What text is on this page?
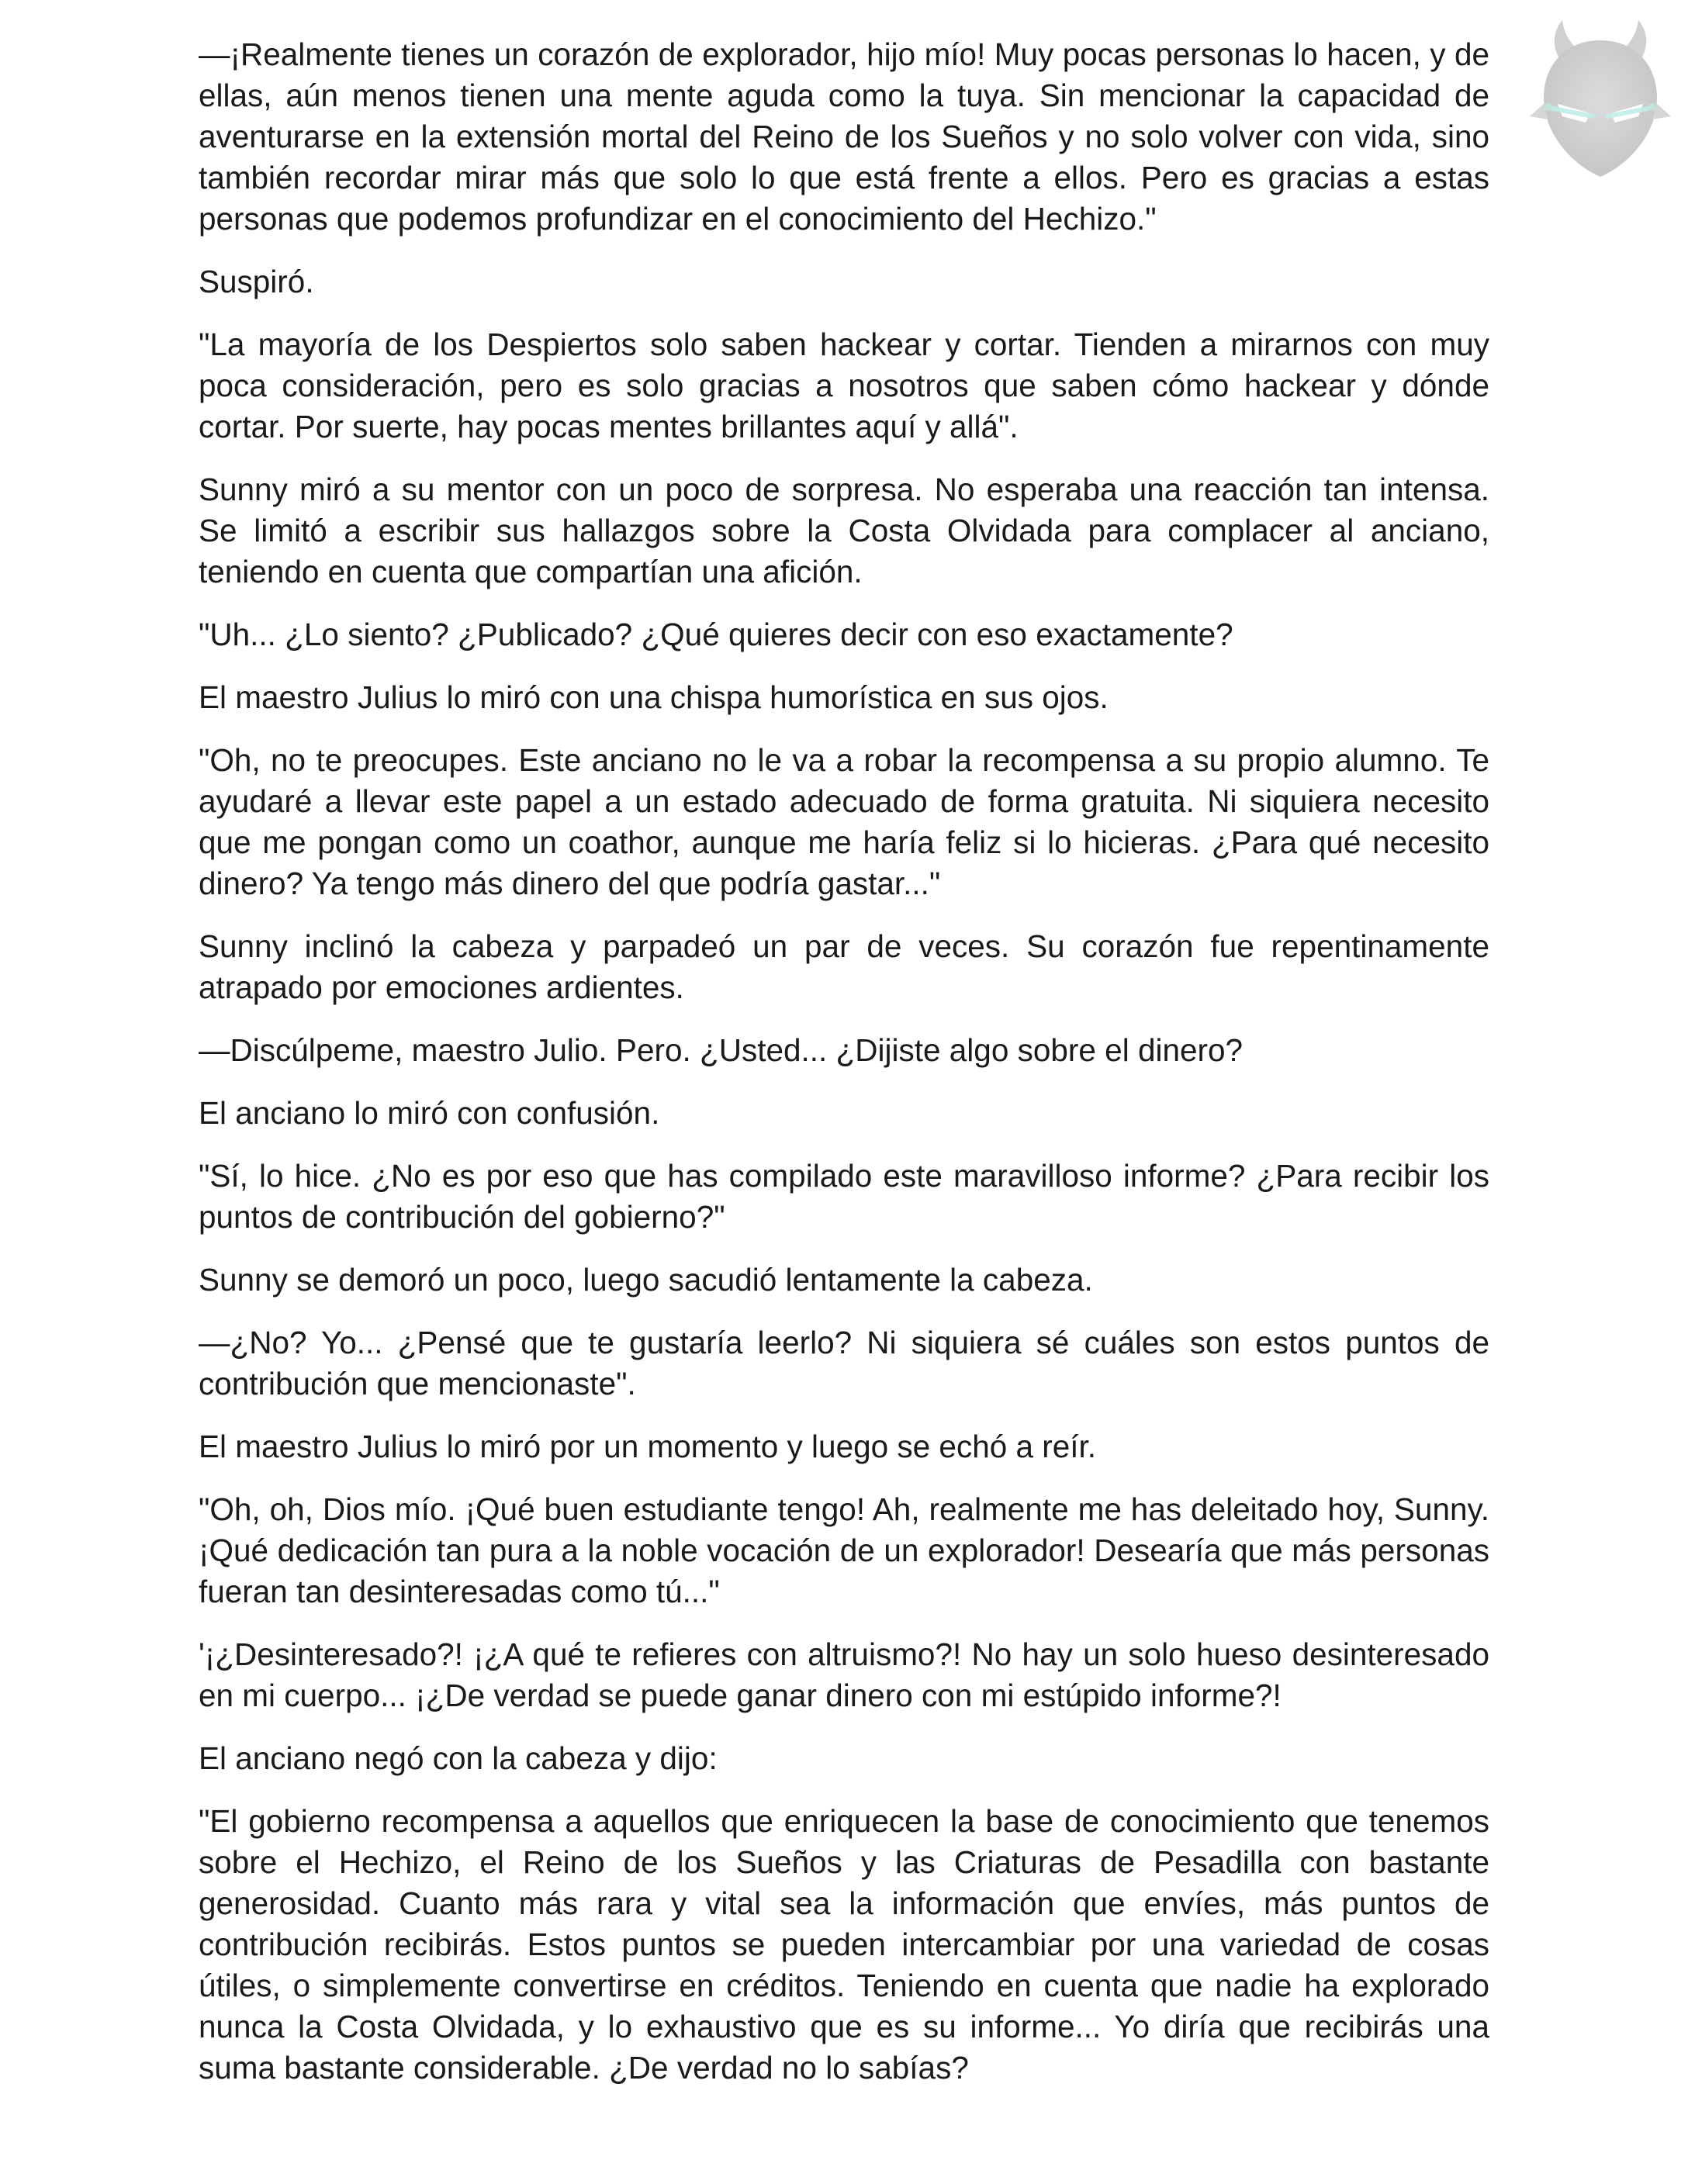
—¡Realmente tienes un corazón de explorador, hijo mío! Muy pocas personas lo hacen, y de ellas, aún menos tienen una mente aguda como la tuya. Sin mencionar la capacidad de aventurarse en la extensión mortal del Reino de los Sueños y no solo volver con vida, sino también recordar mirar más que solo lo que está frente a ellos. Pero es gracias a estas personas que podemos profundizar en el conocimiento del Hechizo."

Suspiró.

"La mayoría de los Despiertos solo saben hackear y cortar. Tienden a mirarnos con muy poca consideración, pero es solo gracias a nosotros que saben cómo hackear y dónde cortar. Por suerte, hay pocas mentes brillantes aquí y allá".

Sunny miró a su mentor con un poco de sorpresa. No esperaba una reacción tan intensa. Se limitó a escribir sus hallazgos sobre la Costa Olvidada para complacer al anciano, teniendo en cuenta que compartían una afición.

"Uh... ¿Lo siento? ¿Publicado? ¿Qué quieres decir con eso exactamente?

El maestro Julius lo miró con una chispa humorística en sus ojos.

"Oh, no te preocupes. Este anciano no le va a robar la recompensa a su propio alumno. Te ayudaré a llevar este papel a un estado adecuado de forma gratuita. Ni siquiera necesito que me pongan como un coathor, aunque me haría feliz si lo hicieras. ¿Para qué necesito dinero? Ya tengo más dinero del que podría gastar..."

Sunny inclinó la cabeza y parpadeó un par de veces. Su corazón fue repentinamente atrapado por emociones ardientes.

—Discúlpeme, maestro Julio. Pero. ¿Usted... ¿Dijiste algo sobre el dinero?

El anciano lo miró con confusión.

"Sí, lo hice. ¿No es por eso que has compilado este maravilloso informe? ¿Para recibir los puntos de contribución del gobierno?"

Sunny se demoró un poco, luego sacudió lentamente la cabeza.

—¿No? Yo... ¿Pensé que te gustaría leerlo? Ni siquiera sé cuáles son estos puntos de contribución que mencionaste".

El maestro Julius lo miró por un momento y luego se echó a reír.

"Oh, oh, Dios mío. ¡Qué buen estudiante tengo! Ah, realmente me has deleitado hoy, Sunny. ¡Qué dedicación tan pura a la noble vocación de un explorador! Desearía que más personas fueran tan desinteresadas como tú..."

'¡¿Desinteresado?! ¡¿A qué te refieres con altruismo?! No hay un solo hueso desinteresado en mi cuerpo... ¡¿De verdad se puede ganar dinero con mi estúpido informe?!

El anciano negó con la cabeza y dijo:

"El gobierno recompensa a aquellos que enriquecen la base de conocimiento que tenemos sobre el Hechizo, el Reino de los Sueños y las Criaturas de Pesadilla con bastante generosidad. Cuanto más rara y vital sea la información que envíes, más puntos de contribución recibirás. Estos puntos se pueden intercambiar por una variedad de cosas útiles, o simplemente convertirse en créditos. Teniendo en cuenta que nadie ha explorado nunca la Costa Olvidada, y lo exhaustivo que es su informe... Yo diría que recibirás una suma bastante considerable. ¿De verdad no lo sabías?
